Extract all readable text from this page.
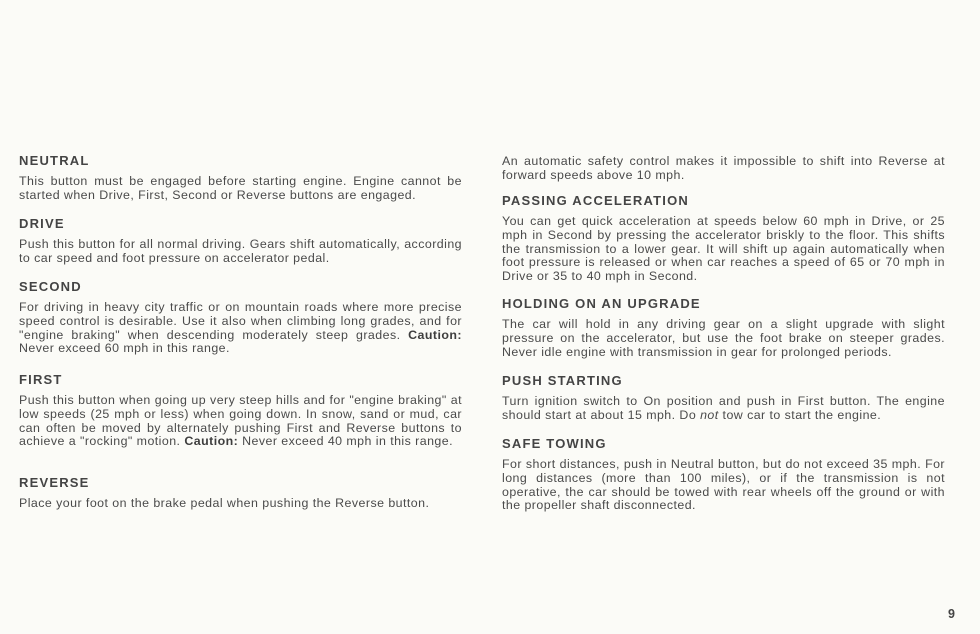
NEUTRAL

This button must be engaged before starting engine. Engine cannot be started when Drive, First, Second or Reverse buttons are engaged.

DRIVE

Push this button for all normal driving. Gears shift automatically, according to car speed and foot pressure on accelerator pedal.

SECOND

For driving in heavy city traffic or on mountain roads where more precise speed control is desirable. Use it also when climbing long grades, and for "engine braking" when descending moderately steep grades. Caution: Never exceed 60 mph in this range.

FIRST

Push this button when going up very steep hills and for "engine braking" at low speeds (25 mph or less) when going down. In snow, sand or mud, car can often be moved by alternately pushing First and Reverse buttons to achieve a "rocking" motion. Caution: Never exceed 40 mph in this range.

REVERSE

Place your foot on the brake pedal when pushing the Reverse button.

An automatic safety control makes it impossible to shift into Reverse at forward speeds above 10 mph.

PASSING ACCELERATION

You can get quick acceleration at speeds below 60 mph in Drive, or 25 mph in Second by pressing the accelerator briskly to the floor. This shifts the transmission to a lower gear. It will shift up again automatically when foot pressure is released or when car reaches a speed of 65 or 70 mph in Drive or 35 to 40 mph in Second.

HOLDING ON AN UPGRADE

The car will hold in any driving gear on a slight upgrade with slight pressure on the accelerator, but use the foot brake on steeper grades. Never idle engine with transmission in gear for prolonged periods.

PUSH STARTING

Turn ignition switch to On position and push in First button. The engine should start at about 15 mph. Do not tow car to start the engine.

SAFE TOWING

For short distances, push in Neutral button, but do not exceed 35 mph. For long distances (more than 100 miles), or if the transmission is not operative, the car should be towed with rear wheels off the ground or with the propeller shaft disconnected.

9
